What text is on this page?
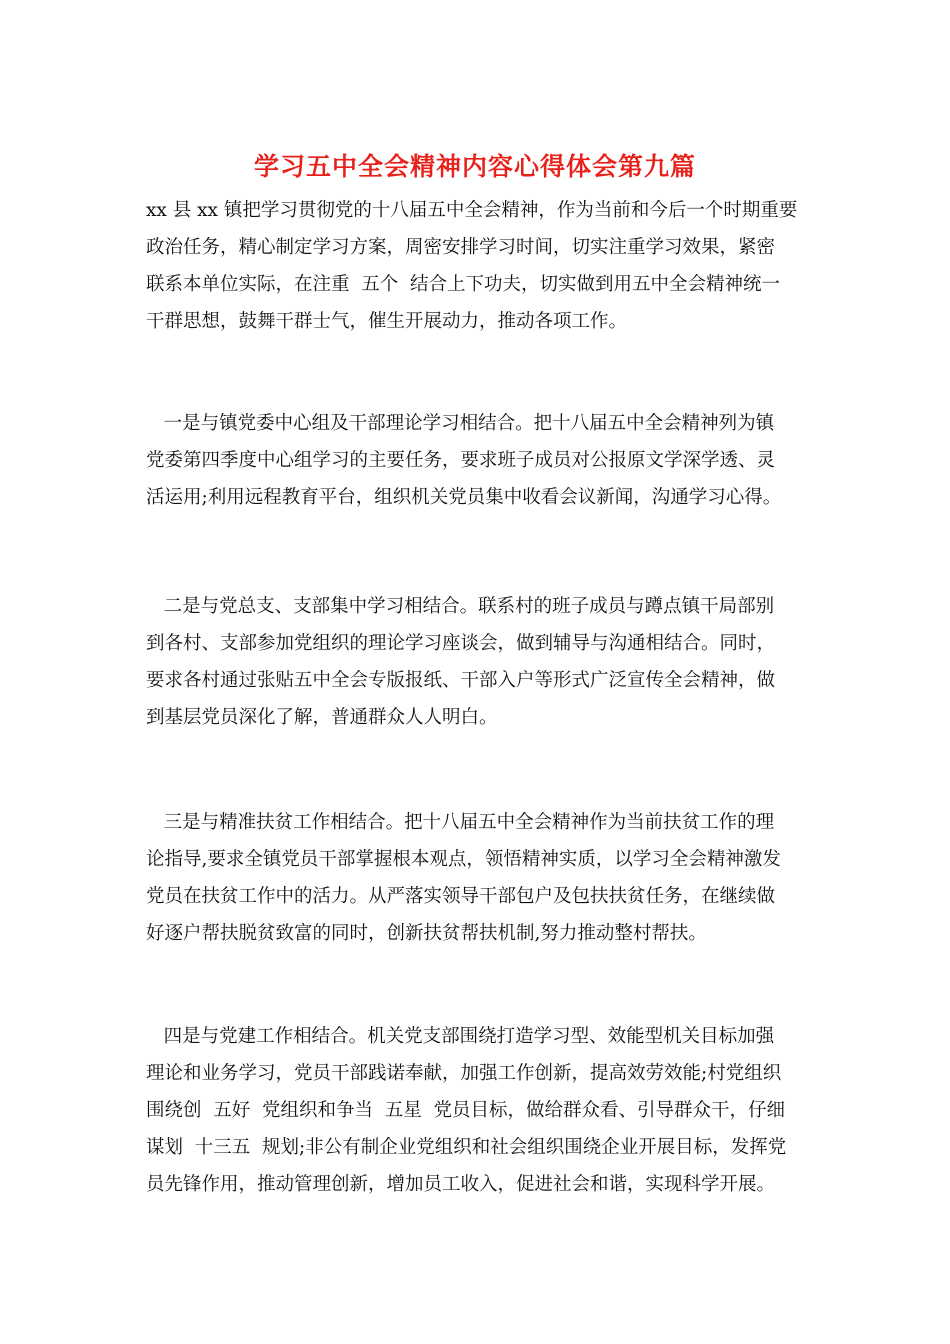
学习五中全会精神内容心得体会第九篇
xx 县 xx 镇把学习贯彻党的十八届五中全会精神，作为当前和今后一个时期重要
政治任务，精心制定学习方案，周密安排学习时间，切实注重学习效果，紧密
联系本单位实际，在注重  五个  结合上下功夫，切实做到用五中全会精神统一
干群思想，鼓舞干群士气，催生开展动力，推动各项工作。
一是与镇党委中心组及干部理论学习相结合。把十八届五中全会精神列为镇
党委第四季度中心组学习的主要任务，要求班子成员对公报原文学深学透、灵
活运用;利用远程教育平台，组织机关党员集中收看会议新闻，沟通学习心得。
二是与党总支、支部集中学习相结合。联系村的班子成员与蹲点镇干局部别
到各村、支部参加党组织的理论学习座谈会，做到辅导与沟通相结合。同时，
要求各村通过张贴五中全会专版报纸、干部入户等形式广泛宣传全会精神，做
到基层党员深化了解，普通群众人人明白。
三是与精准扶贫工作相结合。把十八届五中全会精神作为当前扶贫工作的理
论指导,要求全镇党员干部掌握根本观点，领悟精神实质，以学习全会精神激发
党员在扶贫工作中的活力。从严落实领导干部包户及包扶扶贫任务，在继续做
好逐户帮扶脱贫致富的同时，创新扶贫帮扶机制,努力推动整村帮扶。
四是与党建工作相结合。机关党支部围绕打造学习型、效能型机关目标加强
理论和业务学习，党员干部践诺奉献，加强工作创新，提高效劳效能;村党组织
围绕创  五好  党组织和争当  五星  党员目标，做给群众看、引导群众干，仔细
谋划  十三五  规划;非公有制企业党组织和社会组织围绕企业开展目标，发挥党
员先锋作用，推动管理创新，增加员工收入，促进社会和谐，实现科学开展。
